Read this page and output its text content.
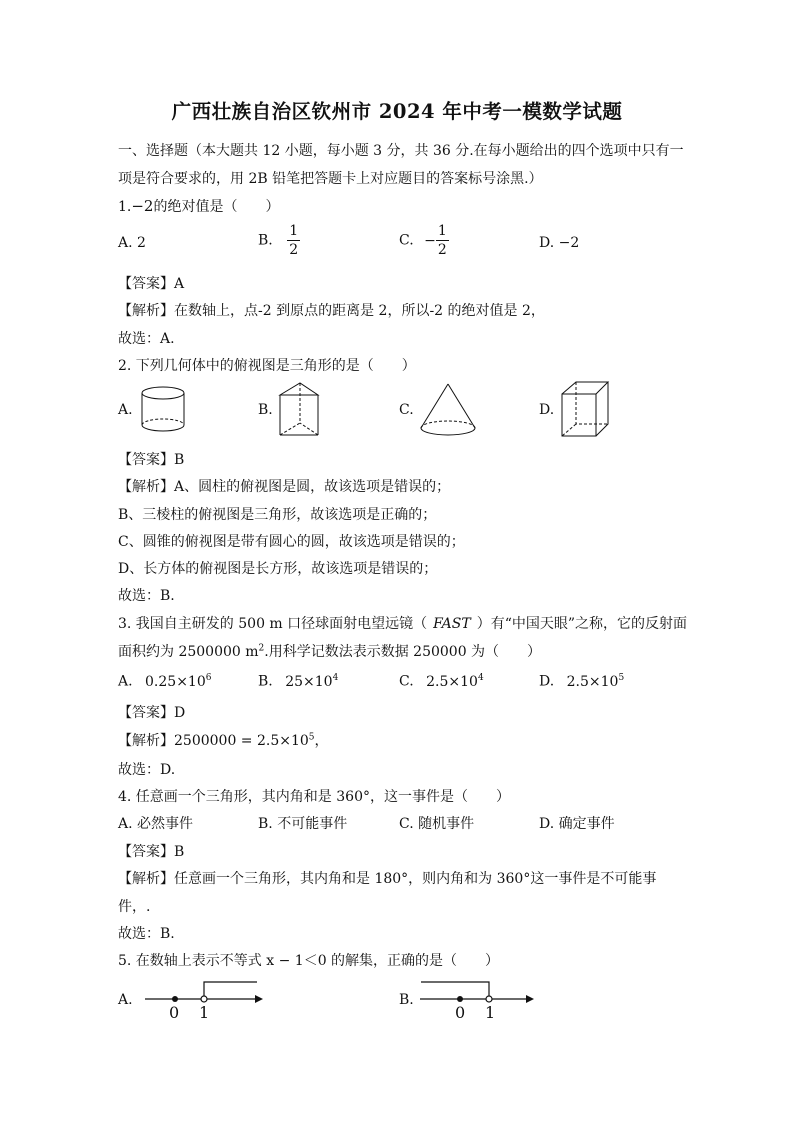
广西壮族自治区钦州市 2024 年中考一模数学试题
一、选择题（本大题共 12 小题，每小题 3 分，共 36 分.在每小题给出的四个选项中只有一
项是符合要求的，用 2B 铅笔把答题卡上对应题目的答案标号涂黑.）
1.−2的绝对值是（　　）
A. 2	B. $\frac{1}{2}$	C. − $\frac{1}{2}$	D. −2
【答案】A
【解析】在数轴上，点-2 到原点的距离是 2，所以-2 的绝对值是 2，
故选：A.
2. 下列几何体中的俯视图是三角形的是（　　）
A.	B.	C.	D.
【答案】B
【解析】A、圆柱的俯视图是圆，故该选项是错误的；
B、三棱柱的俯视图是三角形，故该选项是正确的；
C、圆锥的俯视图是带有圆心的圆，故该选项是错误的；
D、长方体的俯视图是长方形，故该选项是错误的；
故选：B.
3. 我国自主研发的 500 m 口径球面射电望远镜（ FAST ）有“中国天眼”之称，它的反射面
面积约为 2500000 $m^2$.用科学记数法表示数据 250000 为（　　）
A. $0.25\times 10^6$	B. $25\times 10^4$	C. $2.5\times 10^4$	D. $2.5\times 10^5$
【答案】D
【解析】$2500000 = 2.5\times 10^5$，
故选：D.
4. 任意画一个三角形，其内角和是 360°，这一事件是（　　）
A. 必然事件	B. 不可能事件	C. 随机事件	D. 确定事件
【答案】B
【解析】任意画一个三角形，其内角和是 180°，则内角和为 360°这一事件是不可能事
件，.
故选：B.
5. 在数轴上表示不等式 x − 1＜0 的解集，正确的是（　　）
A.
0 1
B.
0 1
